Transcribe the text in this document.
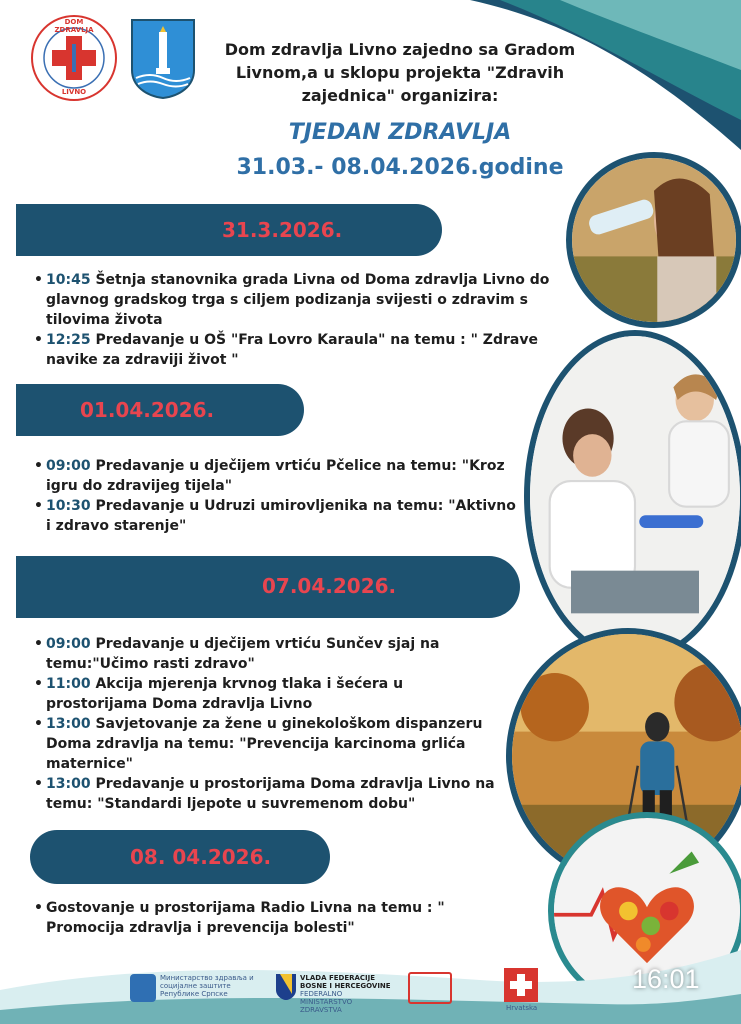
DOM ZDRAVLJA
LIVNO
Dom zdravlja Livno zajedno sa Gradom Livnom,a u sklopu projekta "Zdravih zajednica" organizira:
TJEDAN ZDRAVLJA
31.03.- 08.04.2026.godine
31.3.2026.
• 10:45 Šetnja stanovnika grada Livna od Doma zdravlja Livno do glavnog gradskog trga s ciljem podizanja svijesti o zdravim s tilovima života
• 12:25 Predavanje u OŠ "Fra Lovro Karaula" na temu : " Zdrave navike za zdraviji život "
01.04.2026.
• 09:00 Predavanje u dječijem vrtiću Pčelice na temu: "Kroz igru do zdravijeg tijela"
• 10:30 Predavanje u Udruzi umirovljenika na temu: "Aktivno i zdravo starenje"
07.04.2026.
• 09:00 Predavanje u dječijem vrtiću Sunčev sjaj na temu:"Učimo rasti zdravo"
• 11:00 Akcija mjerenja krvnog tlaka i šećera u prostorijama Doma zdravlja Livno
• 13:00 Savjetovanje za žene u ginekološkom dispanzeru Doma zdravlja na temu: "Prevencija karcinoma grlića maternice"
• 13:00 Predavanje u prostorijama Doma zdravlja Livno na temu: "Standardi ljepote u suvremenom dobu"
08. 04.2026.
• Gostovanje u prostorijama Radio Livna na temu : " Promocija zdravlja i prevencija bolesti"
Министарство здравља и социјалне заштите Републике Српске
VLADA FEDERACIJE
BOSNE I HERCEGOVINE
FEDERALNO MINISTARSTVO ZDRAVSTVA	Hrvatska
16:01
